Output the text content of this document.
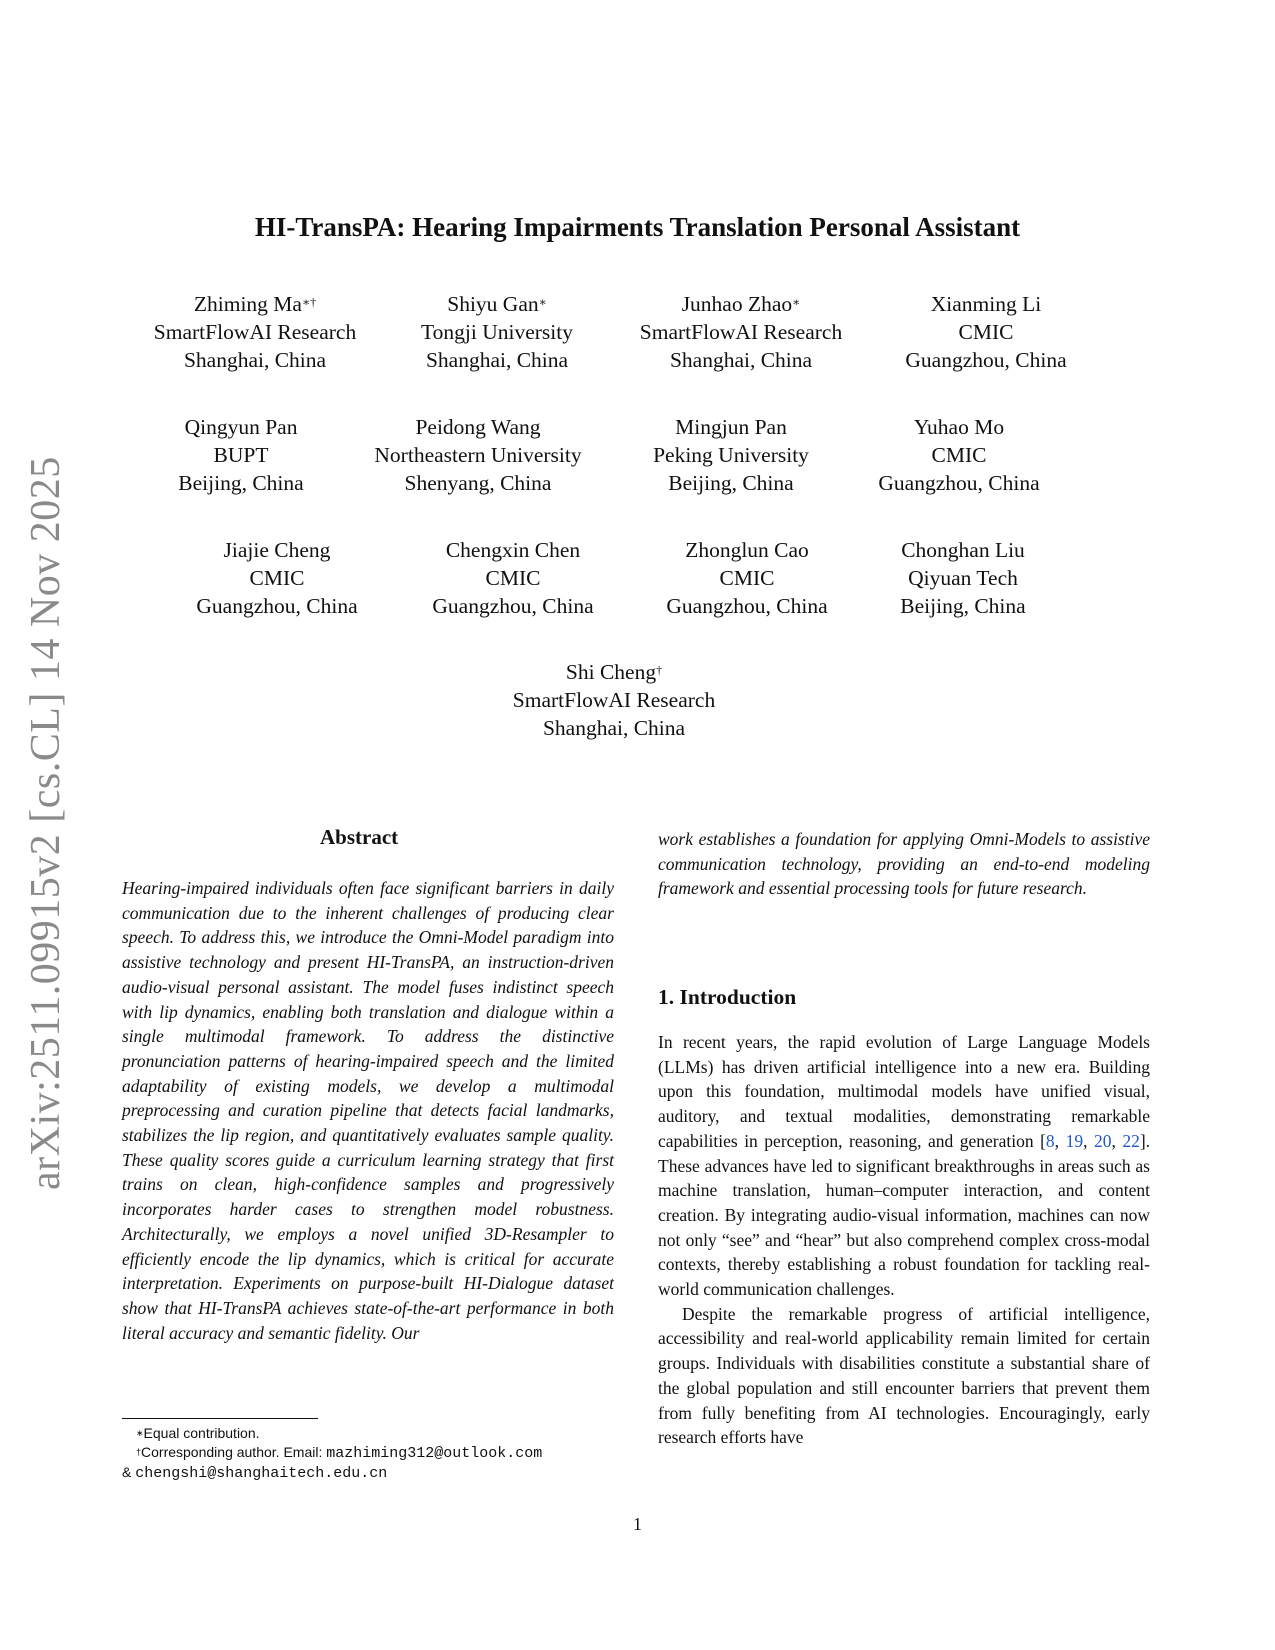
arXiv:2511.09915v2 [cs.CL] 14 Nov 2025
HI-TransPA: Hearing Impairments Translation Personal Assistant
Zhiming Ma∗†
SmartFlowAI Research
Shanghai, China
Shiyu Gan∗
Tongji University
Shanghai, China
Junhao Zhao∗
SmartFlowAI Research
Shanghai, China
Xianming Li
CMIC
Guangzhou, China
Qingyun Pan
BUPT
Beijing, China
Peidong Wang
Northeastern University
Shenyang, China
Mingjun Pan
Peking University
Beijing, China
Yuhao Mo
CMIC
Guangzhou, China
Jiajie Cheng
CMIC
Guangzhou, China
Chengxin Chen
CMIC
Guangzhou, China
Zhonglun Cao
CMIC
Guangzhou, China
Chonghan Liu
Qiyuan Tech
Beijing, China
Shi Cheng†
SmartFlowAI Research
Shanghai, China
Abstract

Hearing-impaired individuals often face significant barriers in daily communication due to the inherent challenges of producing clear speech. To address this, we introduce the Omni-Model paradigm into assistive technology and present HI-TransPA, an instruction-driven audio-visual personal assistant. The model fuses indistinct speech with lip dynamics, enabling both translation and dialogue within a single multimodal framework. To address the distinctive pronunciation patterns of hearing-impaired speech and the limited adaptability of existing models, we develop a multimodal preprocessing and curation pipeline that detects facial landmarks, stabilizes the lip region, and quantitatively evaluates sample quality. These quality scores guide a curriculum learning strategy that first trains on clean, high-confidence samples and progressively incorporates harder cases to strengthen model robustness. Architecturally, we employs a novel unified 3D-Resampler to efficiently encode the lip dynamics, which is critical for accurate interpretation. Experiments on purpose-built HI-Dialogue dataset show that HI-TransPA achieves state-of-the-art performance in both literal accuracy and semantic fidelity. Our

work establishes a foundation for applying Omni-Models to assistive communication technology, providing an end-to-end modeling framework and essential processing tools for future research.

1. Introduction

In recent years, the rapid evolution of Large Language Models (LLMs) has driven artificial intelligence into a new era. Building upon this foundation, multimodal models have unified visual, auditory, and textual modalities, demonstrating remarkable capabilities in perception, reasoning, and generation [8, 19, 20, 22]. These advances have led to significant breakthroughs in areas such as machine translation, human–computer interaction, and content creation. By integrating audio-visual information, machines can now not only “see” and “hear” but also comprehend complex cross-modal contexts, thereby establishing a robust foundation for tackling real-world communication challenges.

Despite the remarkable progress of artificial intelligence, accessibility and real-world applicability remain limited for certain groups. Individuals with disabilities constitute a substantial share of the global population and still encounter barriers that prevent them from fully benefiting from AI technologies. Encouragingly, early research efforts have

∗Equal contribution.
†Corresponding author. Email: mazhiming312@outlook.com
& chengshi@shanghaitech.edu.cn
1
